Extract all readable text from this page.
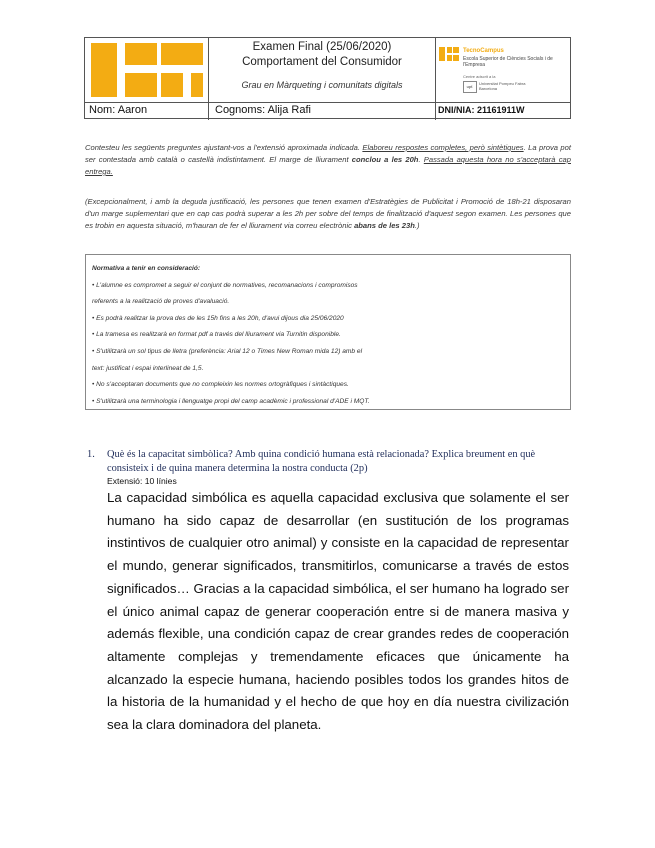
Examen Final (25/06/2020)
Comportament del Consumidor
Grau en Màrqueting i comunitats digitals
TecnoCampus
Escola Superior de Ciències Socials i de l'Empresa
Centre adscrit a la
upf.
Universitat Pompeu Fabra Barcelona
Nom: Aaron	Cognoms: Alija Rafi	DNI/NIA: 21161911W
Contesteu les següents preguntes ajustant-vos a l'extensió aproximada indicada. Elaboreu respostes completes, però sintètiques. La prova pot ser contestada amb català o castellà indistintament. El marge de lliurament conclou a les 20h. Passada aquesta hora no s'acceptarà cap entrega.
(Excepcionalment, i amb la deguda justificació, les persones que tenen examen d'Estratègies de Publicitat i Promoció de 18h-21 disposaran d'un marge suplementari que en cap cas podrà superar a les 2h per sobre del temps de finalització d'aquest segon examen. Les persones que es trobin en aquesta situació, m'hauran de fer el lliurament via correu electrònic abans de les 23h.)
Normativa a tenir en consideració:
• L'alumne es compromet a seguir el conjunt de normatives, recomanacions i compromisos
referents a la realització de proves d'avaluació.
• Es podrà realitzar la prova des de les 15h fins a les 20h, d'avui dijous dia 25/06/2020
• La tramesa es realitzarà en format pdf a través del lliurament via Turnitin disponible.
• S'utilitzarà un sol tipus de lletra (preferència: Arial 12 o Times New Roman mida 12) amb el
text: justificat i espai interlineat de 1,5.
• No s'acceptaran documents que no compleixin les normes ortogràfiques i sintàctiques.
• S'utilitzarà una terminologia i llenguatge propi del camp acadèmic i professional d'ADE i MQT.
1. Què és la capacitat simbòlica? Amb quina condició humana està relacionada? Explica breument en què consisteix i de quina manera determina la nostra conducta (2p)
Extensió: 10 línies
La capacidad simbólica es aquella capacidad exclusiva que solamente el ser humano ha sido capaz de desarrollar (en sustitución de los programas instintivos de cualquier otro animal) y consiste en la capacidad de representar el mundo, generar significados, transmitirlos, comunicarse a través de estos significados… Gracias a la capacidad simbólica, el ser humano ha logrado ser el único animal capaz de generar cooperación entre si de manera masiva y además flexible, una condición capaz de crear grandes redes de cooperación altamente complejas y tremendamente eficaces que únicamente ha alcanzado la especie humana, haciendo posibles todos los grandes hitos de la historia de la humanidad y el hecho de que hoy en día nuestra civilización sea la clara dominadora del planeta.
